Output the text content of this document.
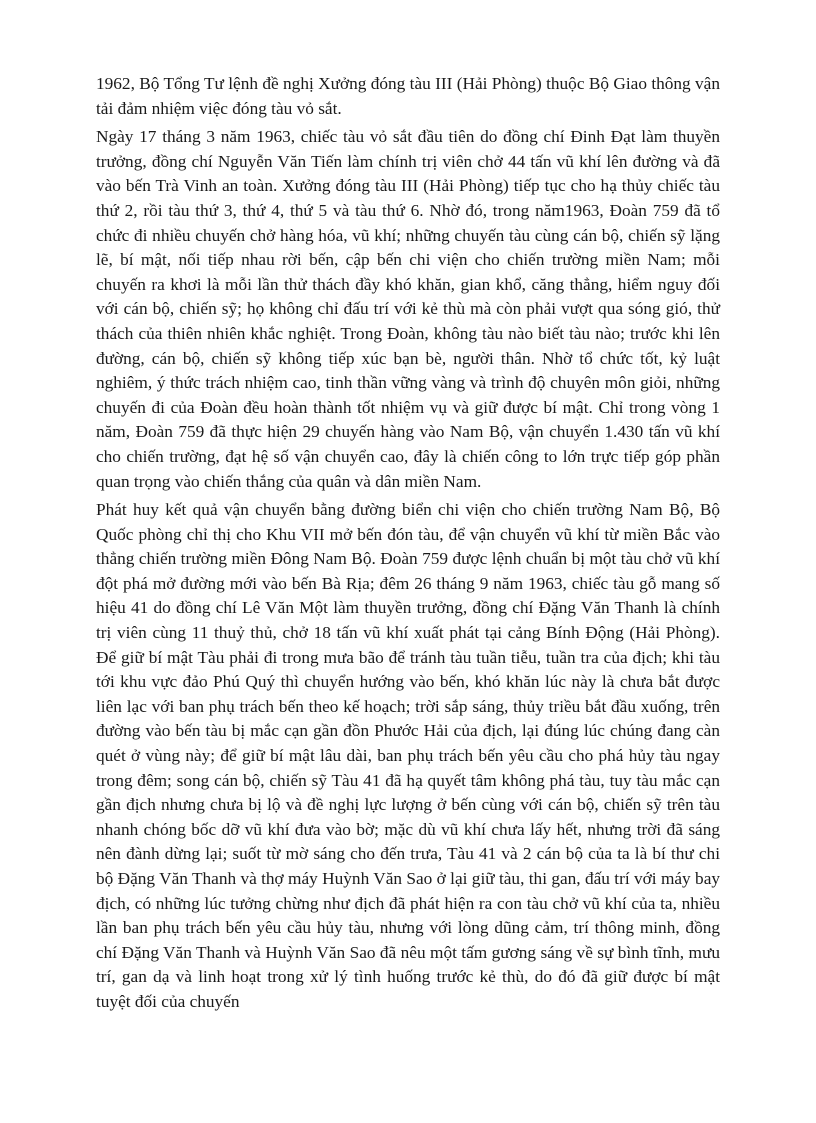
1962, Bộ Tổng Tư lệnh đề nghị Xưởng đóng tàu III (Hải Phòng) thuộc Bộ Giao thông vận tải đảm nhiệm việc đóng tàu vỏ sắt.

Ngày 17 tháng 3 năm 1963, chiếc tàu vỏ sắt đầu tiên do đồng chí Đinh Đạt làm thuyền trưởng, đồng chí Nguyễn Văn Tiến làm chính trị viên chở 44 tấn vũ khí lên đường và đã vào bến Trà Vinh an toàn. Xưởng đóng tàu III (Hải Phòng) tiếp tục cho hạ thủy chiếc tàu thứ 2, rồi tàu thứ 3, thứ 4, thứ 5 và tàu thứ 6. Nhờ đó, trong năm1963, Đoàn 759 đã tổ chức đi nhiều chuyến chở hàng hóa, vũ khí; những chuyến tàu cùng cán bộ, chiến sỹ lặng lẽ, bí mật, nối tiếp nhau rời bến, cập bến chi viện cho chiến trường miền Nam; mỗi chuyến ra khơi là mỗi lần thử thách đầy khó khăn, gian khổ, căng thẳng, hiểm nguy đối với cán bộ, chiến sỹ; họ không chỉ đấu trí với kẻ thù mà còn phải vượt qua sóng gió, thử thách của thiên nhiên khắc nghiệt. Trong Đoàn, không tàu nào biết tàu nào; trước khi lên đường, cán bộ, chiến sỹ không tiếp xúc bạn bè, người thân. Nhờ tổ chức tốt, kỷ luật nghiêm, ý thức trách nhiệm cao, tinh thần vững vàng và trình độ chuyên môn giỏi, những chuyến đi của Đoàn đều hoàn thành tốt nhiệm vụ và giữ được bí mật. Chỉ trong vòng 1 năm, Đoàn 759 đã thực hiện 29 chuyến hàng vào Nam Bộ, vận chuyển 1.430 tấn vũ khí cho chiến trường, đạt hệ số vận chuyển cao, đây là chiến công to lớn trực tiếp góp phần quan trọng vào chiến thắng của quân và dân miền Nam.

Phát huy kết quả vận chuyển bằng đường biển chi viện cho chiến trường Nam Bộ, Bộ Quốc phòng chỉ thị cho Khu VII mở bến đón tàu, để vận chuyển vũ khí từ miền Bắc vào thẳng chiến trường miền Đông Nam Bộ. Đoàn 759 được lệnh chuẩn bị một tàu chở vũ khí đột phá mở đường mới vào bến Bà Rịa; đêm 26 tháng 9 năm 1963, chiếc tàu gỗ mang số hiệu 41 do đồng chí Lê Văn Một làm thuyền trưởng, đồng chí Đặng Văn Thanh là chính trị viên cùng 11 thuỷ thủ, chở 18 tấn vũ khí xuất phát tại cảng Bính Động (Hải Phòng). Để giữ bí mật Tàu phải đi trong mưa bão để tránh tàu tuần tiễu, tuần tra của địch; khi tàu tới khu vực đảo Phú Quý thì chuyển hướng vào bến, khó khăn lúc này là chưa bắt được liên lạc với ban phụ trách bến theo kế hoạch; trời sắp sáng, thủy triều bắt đầu xuống, trên đường vào bến tàu bị mắc cạn gần đồn Phước Hải của địch, lại đúng lúc chúng đang càn quét ở vùng này; để giữ bí mật lâu dài, ban phụ trách bến yêu cầu cho phá hủy tàu ngay trong đêm; song cán bộ, chiến sỹ Tàu 41 đã hạ quyết tâm không phá tàu, tuy tàu mắc cạn gần địch nhưng chưa bị lộ và đề nghị lực lượng ở bến cùng với cán bộ, chiến sỹ trên tàu nhanh chóng bốc dỡ vũ khí đưa vào bờ; mặc dù vũ khí chưa lấy hết, nhưng trời đã sáng nên đành dừng lại; suốt từ mờ sáng cho đến trưa, Tàu 41 và 2 cán bộ của ta là bí thư chi bộ Đặng Văn Thanh và thợ máy Huỳnh Văn Sao ở lại giữ tàu, thi gan, đấu trí với máy bay địch, có những lúc tưởng chừng như địch đã phát hiện ra con tàu chở vũ khí của ta, nhiều lần ban phụ trách bến yêu cầu hủy tàu, nhưng với lòng dũng cảm, trí thông minh, đồng chí Đặng Văn Thanh và Huỳnh Văn Sao đã nêu một tấm gương sáng về sự bình tĩnh, mưu trí, gan dạ và linh hoạt trong xử lý tình huống trước kẻ thù, do đó đã giữ được bí mật tuyệt đối của chuyến
